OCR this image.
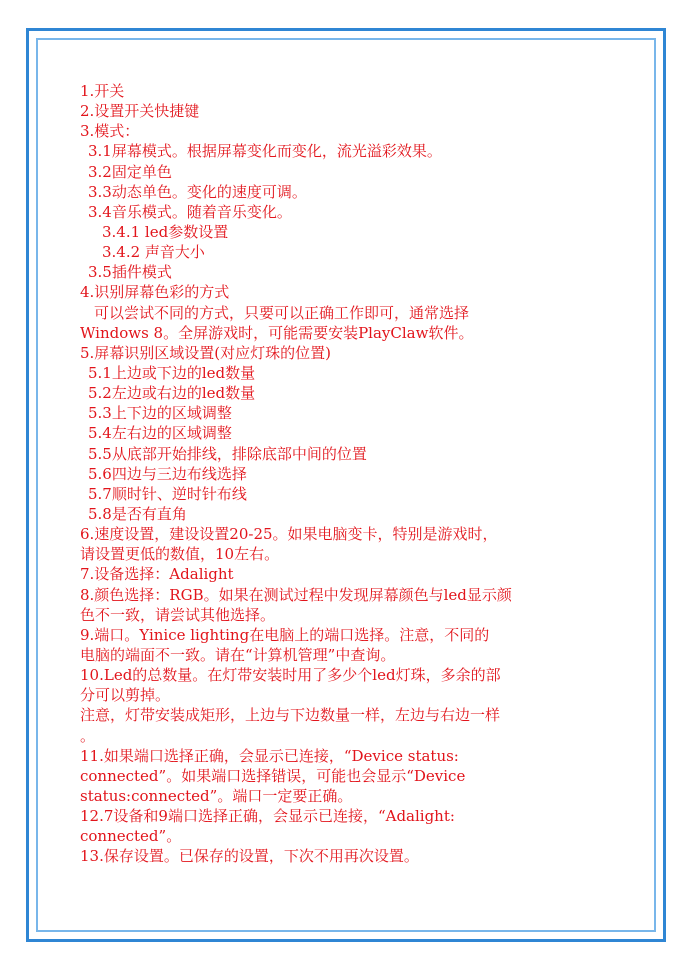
1.开关
2.设置开关快捷键
3.模式：
3.1屏幕模式。根据屏幕变化而变化，流光溢彩效果。
3.2固定单色
3.3动态单色。变化的速度可调。
3.4音乐模式。随着音乐变化。
3.4.1 led参数设置
3.4.2 声音大小
3.5插件模式
4.识别屏幕色彩的方式
可以尝试不同的方式，只要可以正确工作即可，通常选择
Windows 8。全屏游戏时，可能需要安装PlayClaw软件。
5.屏幕识别区域设置(对应灯珠的位置)
5.1上边或下边的led数量
5.2左边或右边的led数量
5.3上下边的区域调整
5.4左右边的区域调整
5.5从底部开始排线，排除底部中间的位置
5.6四边与三边布线选择
5.7顺时针、逆时针布线
5.8是否有直角
6.速度设置，建设设置20-25。如果电脑变卡，特别是游戏时，
请设置更低的数值，10左右。
7.设备选择：Adalight
8.颜色选择：RGB。如果在测试过程中发现屏幕颜色与led显示颜
色不一致，请尝试其他选择。
9.端口。Yinice lighting在电脑上的端口选择。注意，不同的
电脑的端面不一致。请在“计算机管理”中查询。
10.Led的总数量。在灯带安装时用了多少个led灯珠，多余的部
分可以剪掉。
注意，灯带安装成矩形，上边与下边数量一样，左边与右边一样
。
11.如果端口选择正确，会显示已连接，“Device status:
connected”。如果端口选择错误，可能也会显示“Device
status:connected”。端口一定要正确。
12.7设备和9端口选择正确，会显示已连接，“Adalight:
connected”。
13.保存设置。已保存的设置，下次不用再次设置。
